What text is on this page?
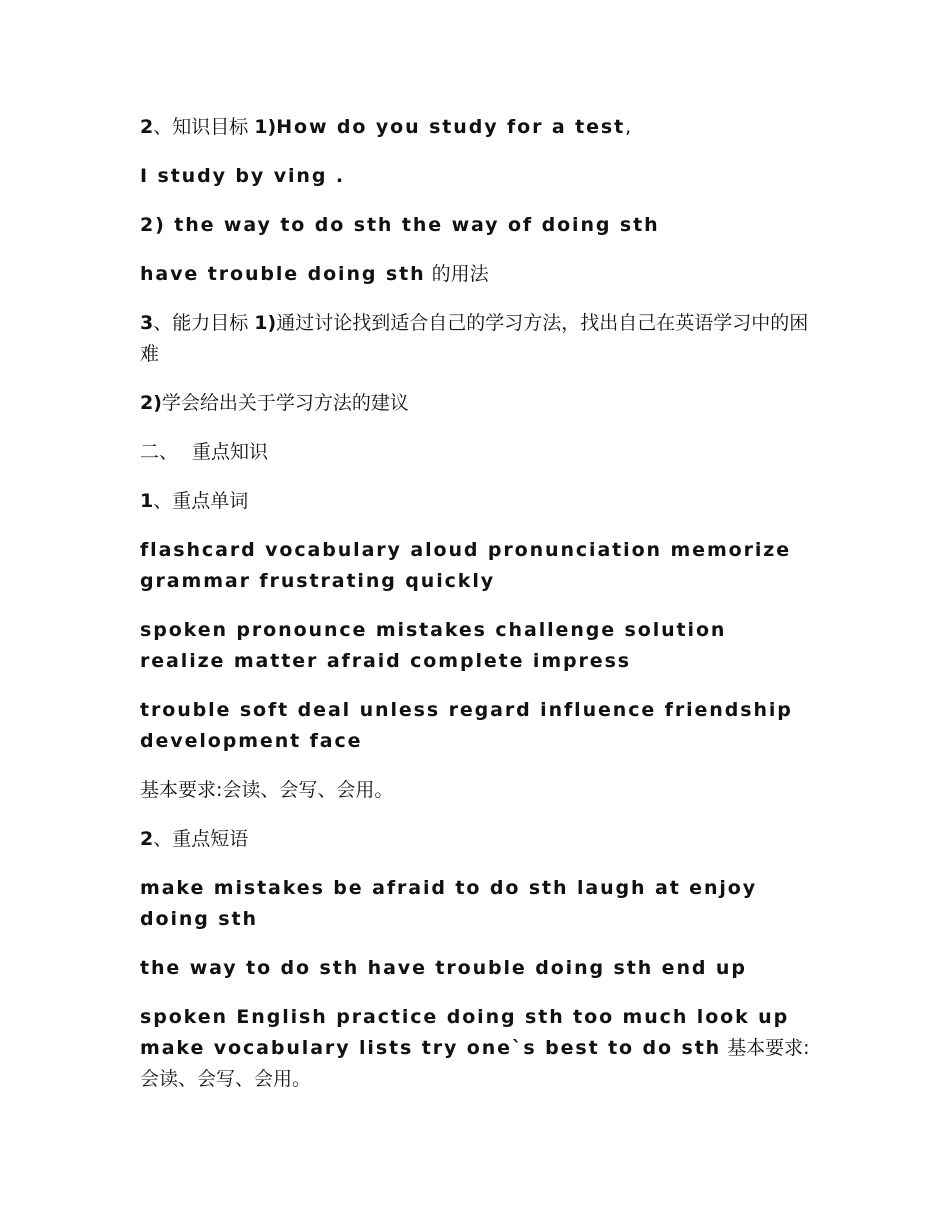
2、知识目标 1)How do you study for a test,

I study by ving .

2) the way to do sth the way of doing sth

have trouble doing sth 的用法

3、能力目标 1)通过讨论找到适合自己的学习方法，找出自己在英语学习中的困难

2)学会给出关于学习方法的建议

二、 重点知识

1、重点单词

flashcard vocabulary aloud pronunciation memorize grammar frustrating quickly

spoken pronounce mistakes challenge solution realize matter afraid complete impress

trouble soft deal unless regard influence friendship development face

基本要求:会读、会写、会用。

2、重点短语

make mistakes be afraid to do sth laugh at enjoy doing sth

the way to do sth have trouble doing sth end up

spoken English practice doing sth too much look up make vocabulary lists try one`s best to do sth 基本要求: 会读、会写、会用。
